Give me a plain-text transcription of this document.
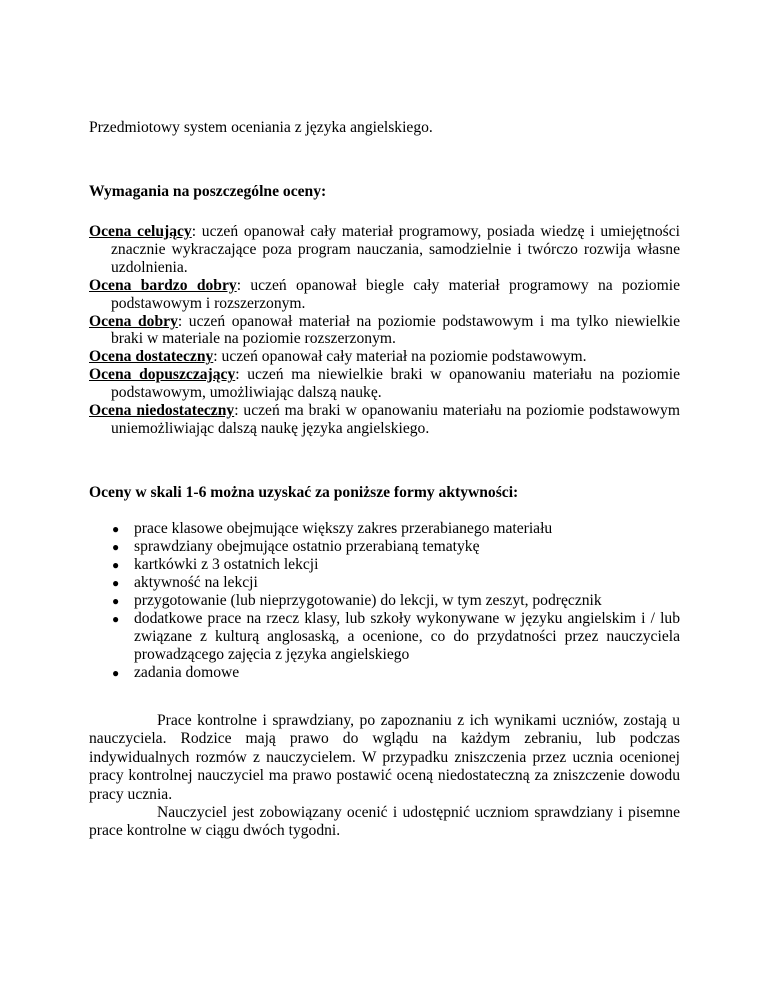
Przedmiotowy system oceniania z języka angielskiego.

Wymagania na poszczególne oceny:

Ocena celujący: uczeń opanował cały materiał programowy, posiada wiedzę i umiejętności znacznie wykraczające poza program nauczania, samodzielnie i twórczo rozwija własne uzdolnienia.

Ocena bardzo dobry: uczeń opanował biegle cały materiał programowy na poziomie podstawowym i rozszerzonym.

Ocena dobry: uczeń opanował materiał na poziomie podstawowym i ma tylko niewielkie braki w materiale na poziomie rozszerzonym.

Ocena dostateczny: uczeń opanował cały materiał na poziomie podstawowym.

Ocena dopuszczający: uczeń ma niewielkie braki w opanowaniu materiału na poziomie podstawowym, umożliwiając dalszą naukę.

Ocena niedostateczny: uczeń ma braki w opanowaniu materiału na poziomie podstawowym uniemożliwiając dalszą naukę języka angielskiego.

Oceny w skali 1-6 można uzyskać za poniższe formy aktywności:

● prace klasowe obejmujące większy zakres przerabianego materiału
● sprawdziany obejmujące ostatnio przerabianą tematykę
● kartkówki z 3 ostatnich lekcji
● aktywność na lekcji
● przygotowanie (lub nieprzygotowanie) do lekcji, w tym zeszyt, podręcznik
● dodatkowe prace na rzecz klasy, lub szkoły wykonywane w języku angielskim i / lub związane z kulturą anglosaską, a ocenione, co do przydatności przez nauczyciela prowadzącego zajęcia z języka angielskiego
● zadania domowe

Prace kontrolne i sprawdziany, po zapoznaniu z ich wynikami uczniów, zostają u nauczyciela. Rodzice mają prawo do wglądu na każdym zebraniu, lub podczas indywidualnych rozmów z nauczycielem. W przypadku zniszczenia przez ucznia ocenionej pracy kontrolnej nauczyciel ma prawo postawić oceną niedostateczną za zniszczenie dowodu pracy ucznia.

Nauczyciel jest zobowiązany ocenić i udostępnić uczniom sprawdziany i pisemne prace kontrolne w ciągu dwóch tygodni.
